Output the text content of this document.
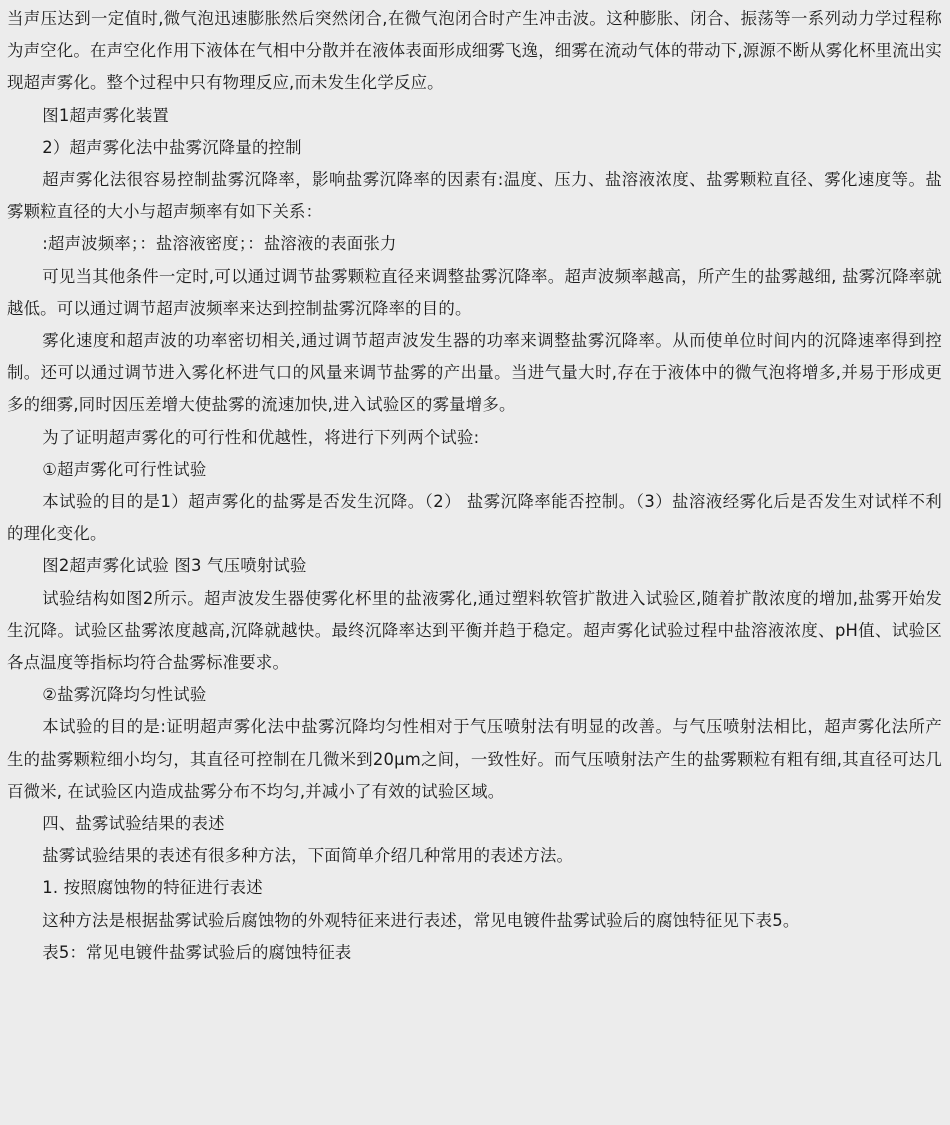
当声压达到一定值时,微气泡迅速膨胀然后突然闭合,在微气泡闭合时产生冲击波。这种膨胀、闭合、振荡等一系列动力学过程称为声空化。在声空化作用下液体在气相中分散并在液体表面形成细雾飞逸，细雾在流动气体的带动下,源源不断从雾化杯里流出实现超声雾化。整个过程中只有物理反应,而未发生化学反应。

图1超声雾化装置

2）超声雾化法中盐雾沉降量的控制

超声雾化法很容易控制盐雾沉降率，影响盐雾沉降率的因素有:温度、压力、盐溶液浓度、盐雾颗粒直径、雾化速度等。盐雾颗粒直径的大小与超声频率有如下关系：

:超声波频率；：盐溶液密度；：盐溶液的表面张力

可见当其他条件一定时,可以通过调节盐雾颗粒直径来调整盐雾沉降率。超声波频率越高，所产生的盐雾越细, 盐雾沉降率就越低。可以通过调节超声波频率来达到控制盐雾沉降率的目的。

雾化速度和超声波的功率密切相关,通过调节超声波发生器的功率来调整盐雾沉降率。从而使单位时间内的沉降速率得到控制。还可以通过调节进入雾化杯进气口的风量来调节盐雾的产出量。当进气量大时,存在于液体中的微气泡将增多,并易于形成更多的细雾,同时因压差增大使盐雾的流速加快,进入试验区的雾量增多。

为了证明超声雾化的可行性和优越性，将进行下列两个试验:

①超声雾化可行性试验

本试验的目的是1）超声雾化的盐雾是否发生沉降。（2） 盐雾沉降率能否控制。（3）盐溶液经雾化后是否发生对试样不利的理化变化。

图2超声雾化试验 图3 气压喷射试验

试验结构如图2所示。超声波发生器使雾化杯里的盐液雾化,通过塑料软管扩散进入试验区,随着扩散浓度的增加,盐雾开始发生沉降。试验区盐雾浓度越高,沉降就越快。最终沉降率达到平衡并趋于稳定。超声雾化试验过程中盐溶液浓度、pH值、试验区各点温度等指标均符合盐雾标准要求。

②盐雾沉降均匀性试验

本试验的目的是:证明超声雾化法中盐雾沉降均匀性相对于气压喷射法有明显的改善。与气压喷射法相比，超声雾化法所产生的盐雾颗粒细小均匀，其直径可控制在几微米到20μm之间，一致性好。而气压喷射法产生的盐雾颗粒有粗有细,其直径可达几百微米, 在试验区内造成盐雾分布不均匀,并减小了有效的试验区域。

四、盐雾试验结果的表述

盐雾试验结果的表述有很多种方法，下面简单介绍几种常用的表述方法。

1. 按照腐蚀物的特征进行表述

这种方法是根据盐雾试验后腐蚀物的外观特征来进行表述，常见电镀件盐雾试验后的腐蚀特征见下表5。

表5：常见电镀件盐雾试验后的腐蚀特征表
